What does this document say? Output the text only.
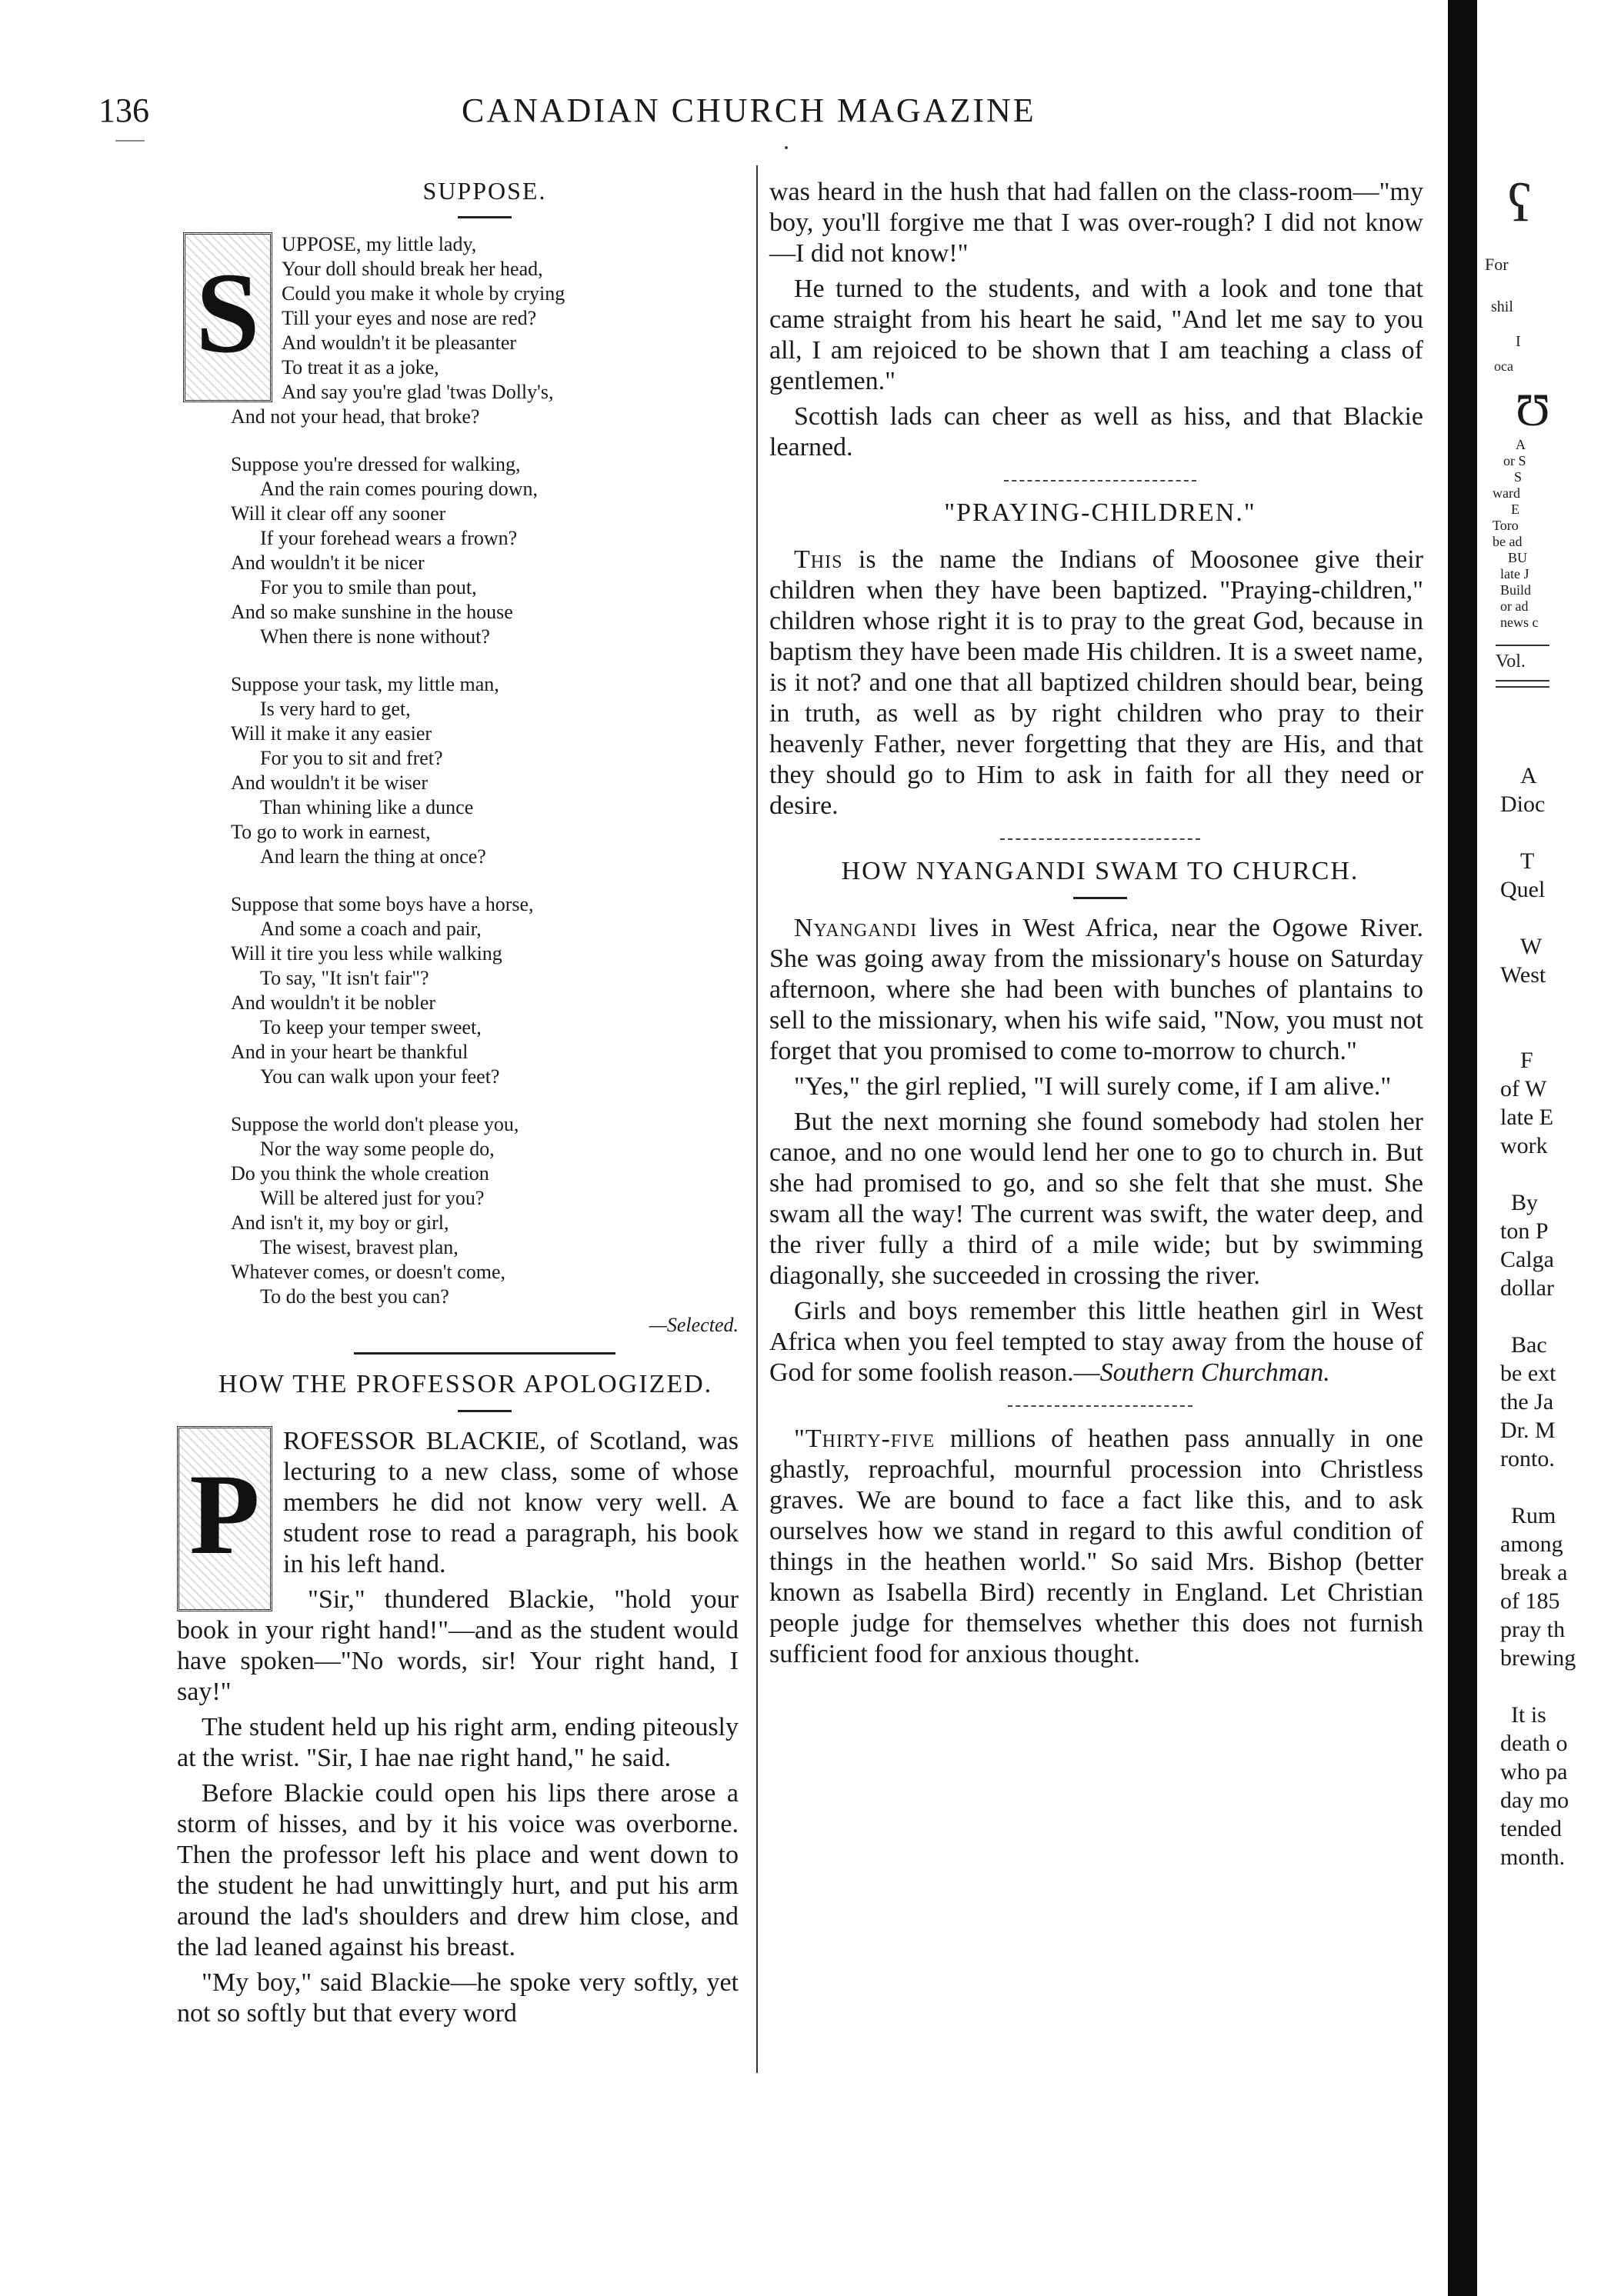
136	CANADIAN CHURCH MAGAZINE
SUPPOSE.
S

UPPOSE, my little lady,

Your doll should break her head,

Could you make it whole by crying

Till your eyes and nose are red?

And wouldn't it be pleasanter

To treat it as a joke,

And say you're glad 'twas Dolly's,

And not your head, that broke?

Suppose you're dressed for walking,

And the rain comes pouring down,

Will it clear off any sooner

If your forehead wears a frown?

And wouldn't it be nicer

For you to smile than pout,

And so make sunshine in the house

When there is none without?

Suppose your task, my little man,

Is very hard to get,

Will it make it any easier

For you to sit and fret?

And wouldn't it be wiser

Than whining like a dunce

To go to work in earnest,

And learn the thing at once?

Suppose that some boys have a horse,

And some a coach and pair,

Will it tire you less while walking

To say, "It isn't fair"?

And wouldn't it be nobler

To keep your temper sweet,

And in your heart be thankful

You can walk upon your feet?

Suppose the world don't please you,

Nor the way some people do,

Do you think the whole creation

Will be altered just for you?

And isn't it, my boy or girl,

The wisest, bravest plan,

Whatever comes, or doesn't come,

To do the best you can?

—Selected.
HOW THE PROFESSOR APOLOGIZED.

P
ROFESSOR BLACKIE, of Scotland, was lecturing to a new class, some of whose members he did not know very well. A student rose to read a paragraph, his book in his left hand.

"Sir," thundered Blackie, "hold your book in your right hand!"—and as the student would have spoken—"No words, sir! Your right hand, I say!"

The student held up his right arm, ending piteously at the wrist. "Sir, I hae nae right hand," he said.

Before Blackie could open his lips there arose a storm of hisses, and by it his voice was overborne. Then the professor left his place and went down to the student he had unwittingly hurt, and put his arm around the lad's shoulders and drew him close, and the lad leaned against his breast.

"My boy," said Blackie—he spoke very softly, yet not so softly but that every word

was heard in the hush that had fallen on the class-room—"my boy, you'll forgive me that I was over-rough? I did not know—I did not know!"

He turned to the students, and with a look and tone that came straight from his heart he said, "And let me say to you all, I am rejoiced to be shown that I am teaching a class of gentlemen."

Scottish lads can cheer as well as hiss, and that Blackie learned.

"PRAYING-CHILDREN."

This is the name the Indians of Moosonee give their children when they have been baptized. "Praying-children," children whose right it is to pray to the great God, because in baptism they have been made His children. It is a sweet name, is it not? and one that all baptized children should bear, being in truth, as well as by right children who pray to their heavenly Father, never forgetting that they are His, and that they should go to Him to ask in faith for all they need or desire.

HOW NYANGANDI SWAM TO CHURCH.

Nyangandi lives in West Africa, near the Ogowe River. She was going away from the missionary's house on Saturday afternoon, where she had been with bunches of plantains to sell to the missionary, when his wife said, "Now, you must not forget that you promised to come to-morrow to church."

"Yes," the girl replied, "I will surely come, if I am alive."

But the next morning she found somebody had stolen her canoe, and no one would lend her one to go to church in. But she had promised to go, and so she felt that she must. She swam all the way! The current was swift, the water deep, and the river fully a third of a mile wide; but by swimming diagonally, she succeeded in crossing the river.

Girls and boys remember this little heathen girl in West Africa when you feel tempted to stay away from the house of God for some foolish reason.—Southern Churchman.

"Thirty-five millions of heathen pass annually in one ghastly, reproachful, mournful procession into Christless graves. We are bound to face a fact like this, and to ask ourselves how we stand in regard to this awful condition of things in the heathen world." So said Mrs. Bishop (better known as Isabella Bird) recently in England. Let Christian people judge for themselves whether this does not furnish sufficient food for anxious thought.

ʕ
For
shil
I
oca
Ʊ
A
or S
S
ward
E
Toro
be ad
BU
late J
Build
or ad
news c
Vol.
A
Dioc
T
Quel
W
West
F
of W
late E
work
By
ton P
Calga
dollar
Bac
be ext
the Ja
Dr. M
ronto.
Rum
among
break a
of 185
pray th
brewing
It is
death o
who pa
day mo
tended
month.
